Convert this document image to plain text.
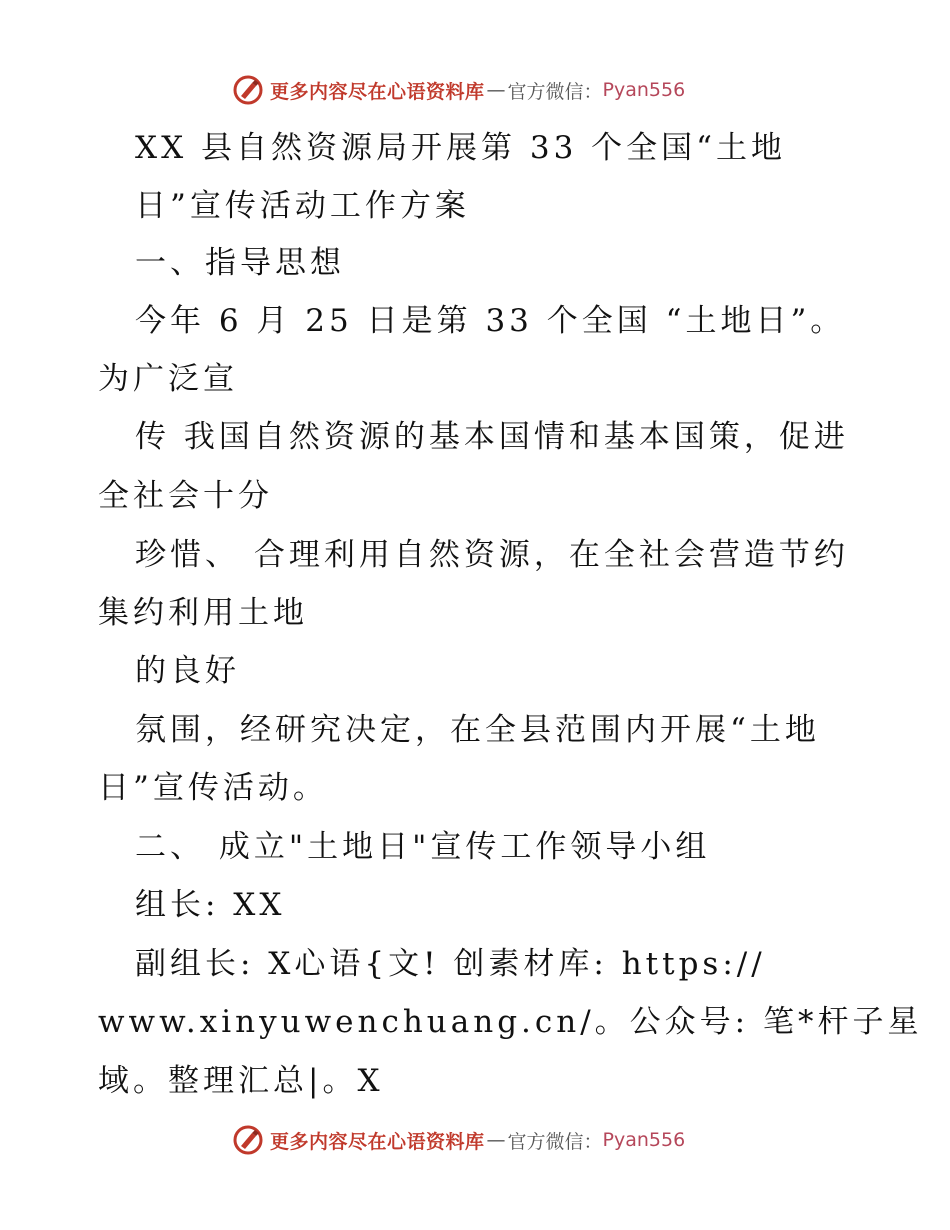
更多内容尽在心语资料库 — 官方微信： Pyan556
XX 县自然资源局开展第 33 个全国“土地
日”宣传活动工作方案
一、指导思想
今年 6 月 25 日是第 33 个全国 “土地日”。
为广泛宣
传 我国自然资源的基本国情和基本国策，促进
全社会十分
珍惜、 合理利用自然资源，在全社会营造节约
集约利用土地
的良好
氛围，经研究决定，在全县范围内开展“土地
日”宣传活动。
二、 成立"土地日"宣传工作领导小组
组长: XX
副组长: X心语{文! 创素材库: https://
www.xinyuwenchuang.cn/。公众号: 笔*杆子星
域。整理汇总|。X
更多内容尽在心语资料库 — 官方微信： Pyan556
